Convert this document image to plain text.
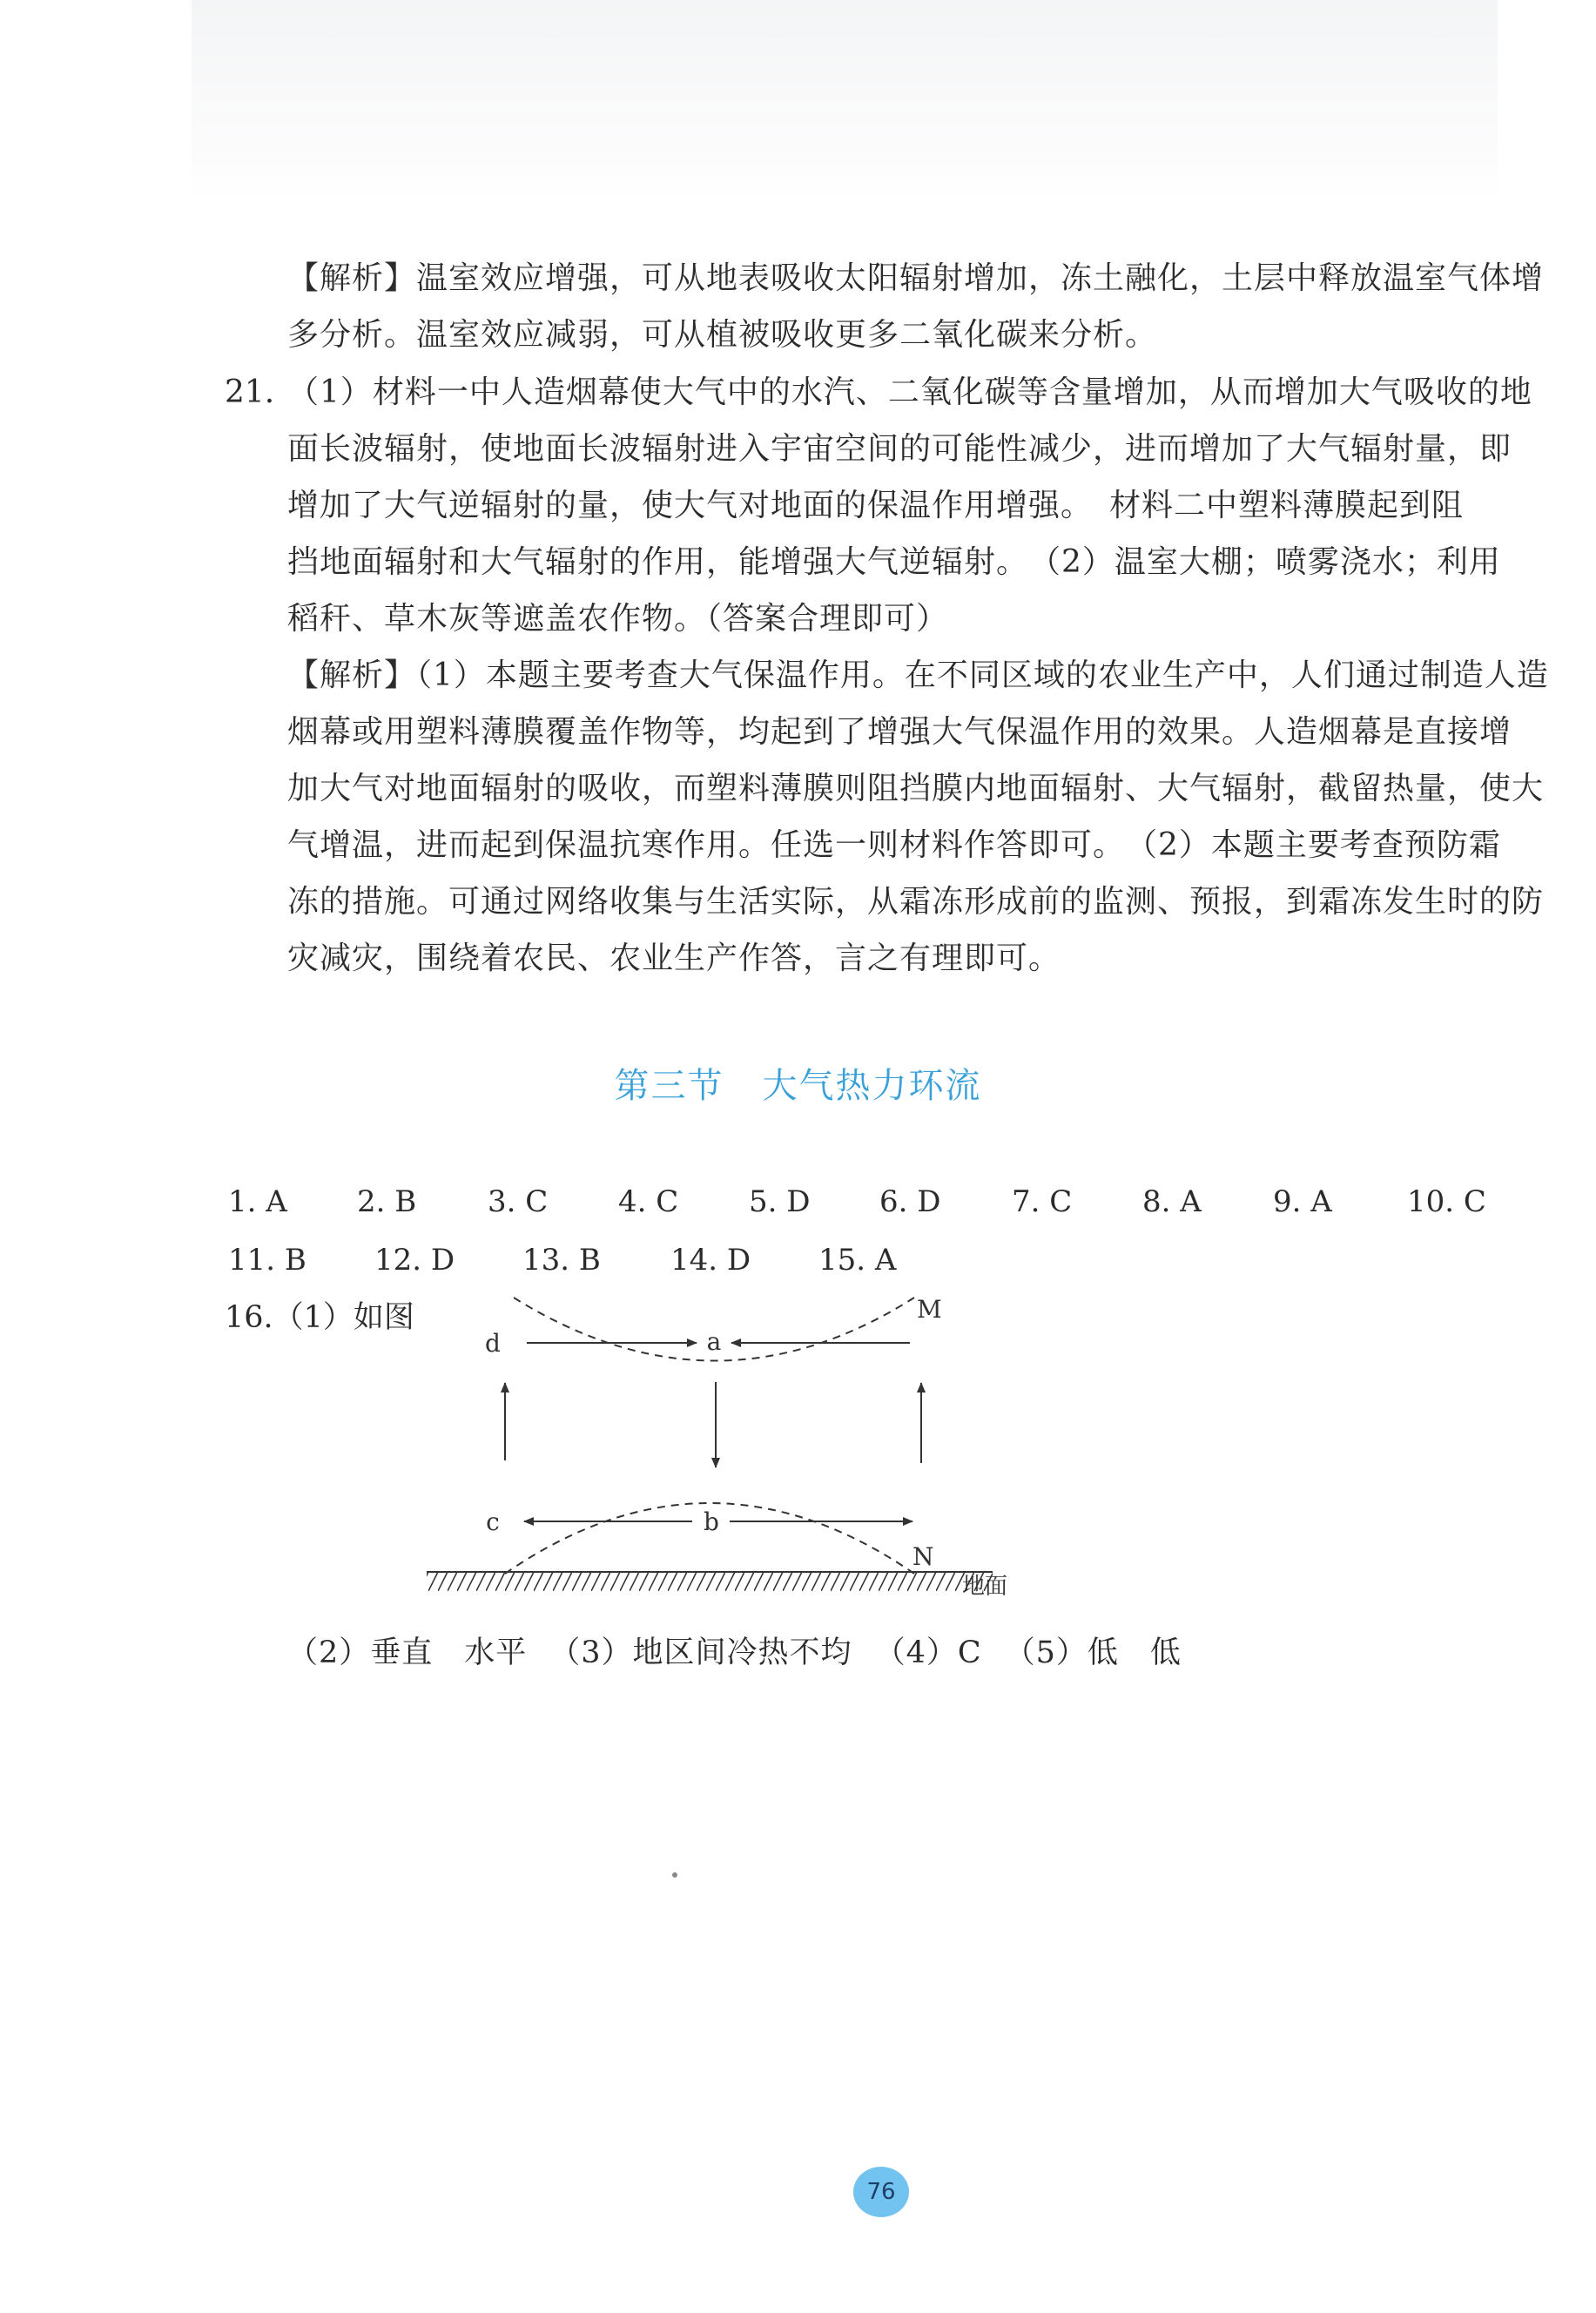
【解析】温室效应增强，可从地表吸收太阳辐射增加，冻土融化，土层中释放温室气体增
多分析。温室效应减弱，可从植被吸收更多二氧化碳来分析。
21. （1）材料一中人造烟幕使大气中的水汽、二氧化碳等含量增加，从而增加大气吸收的地
面长波辐射，使地面长波辐射进入宇宙空间的可能性减少，进而增加了大气辐射量，即
增加了大气逆辐射的量，使大气对地面的保温作用增强。　材料二中塑料薄膜起到阻
挡地面辐射和大气辐射的作用，能增强大气逆辐射。　（2）温室大棚；喷雾浇水；利用
稻秆、草木灰等遮盖农作物。（答案合理即可）
【解析】（1）本题主要考查大气保温作用。在不同区域的农业生产中，人们通过制造人造
烟幕或用塑料薄膜覆盖作物等，均起到了增强大气保温作用的效果。人造烟幕是直接增
加大气对地面辐射的吸收，而塑料薄膜则阻挡膜内地面辐射、大气辐射，截留热量，使大
气增温，进而起到保温抗寒作用。任选一则材料作答即可。　（2）本题主要考查预防霜
冻的措施。可通过网络收集与生活实际，从霜冻形成前的监测、预报，到霜冻发生时的防
灾减灾，围绕着农民、农业生产作答，言之有理即可。
第三节 大气热力环流
1. A 2. B 3. C 4. C 5. D 6. D 7. C 8. A 9. A	10. C
11. B 12. D 13. B 14. D 15. A
16.（1）如图
d	a
M
c	b
N
地面
（2）垂直　水平 （3）地区间冷热不均 （4）C （5）低　低
76
